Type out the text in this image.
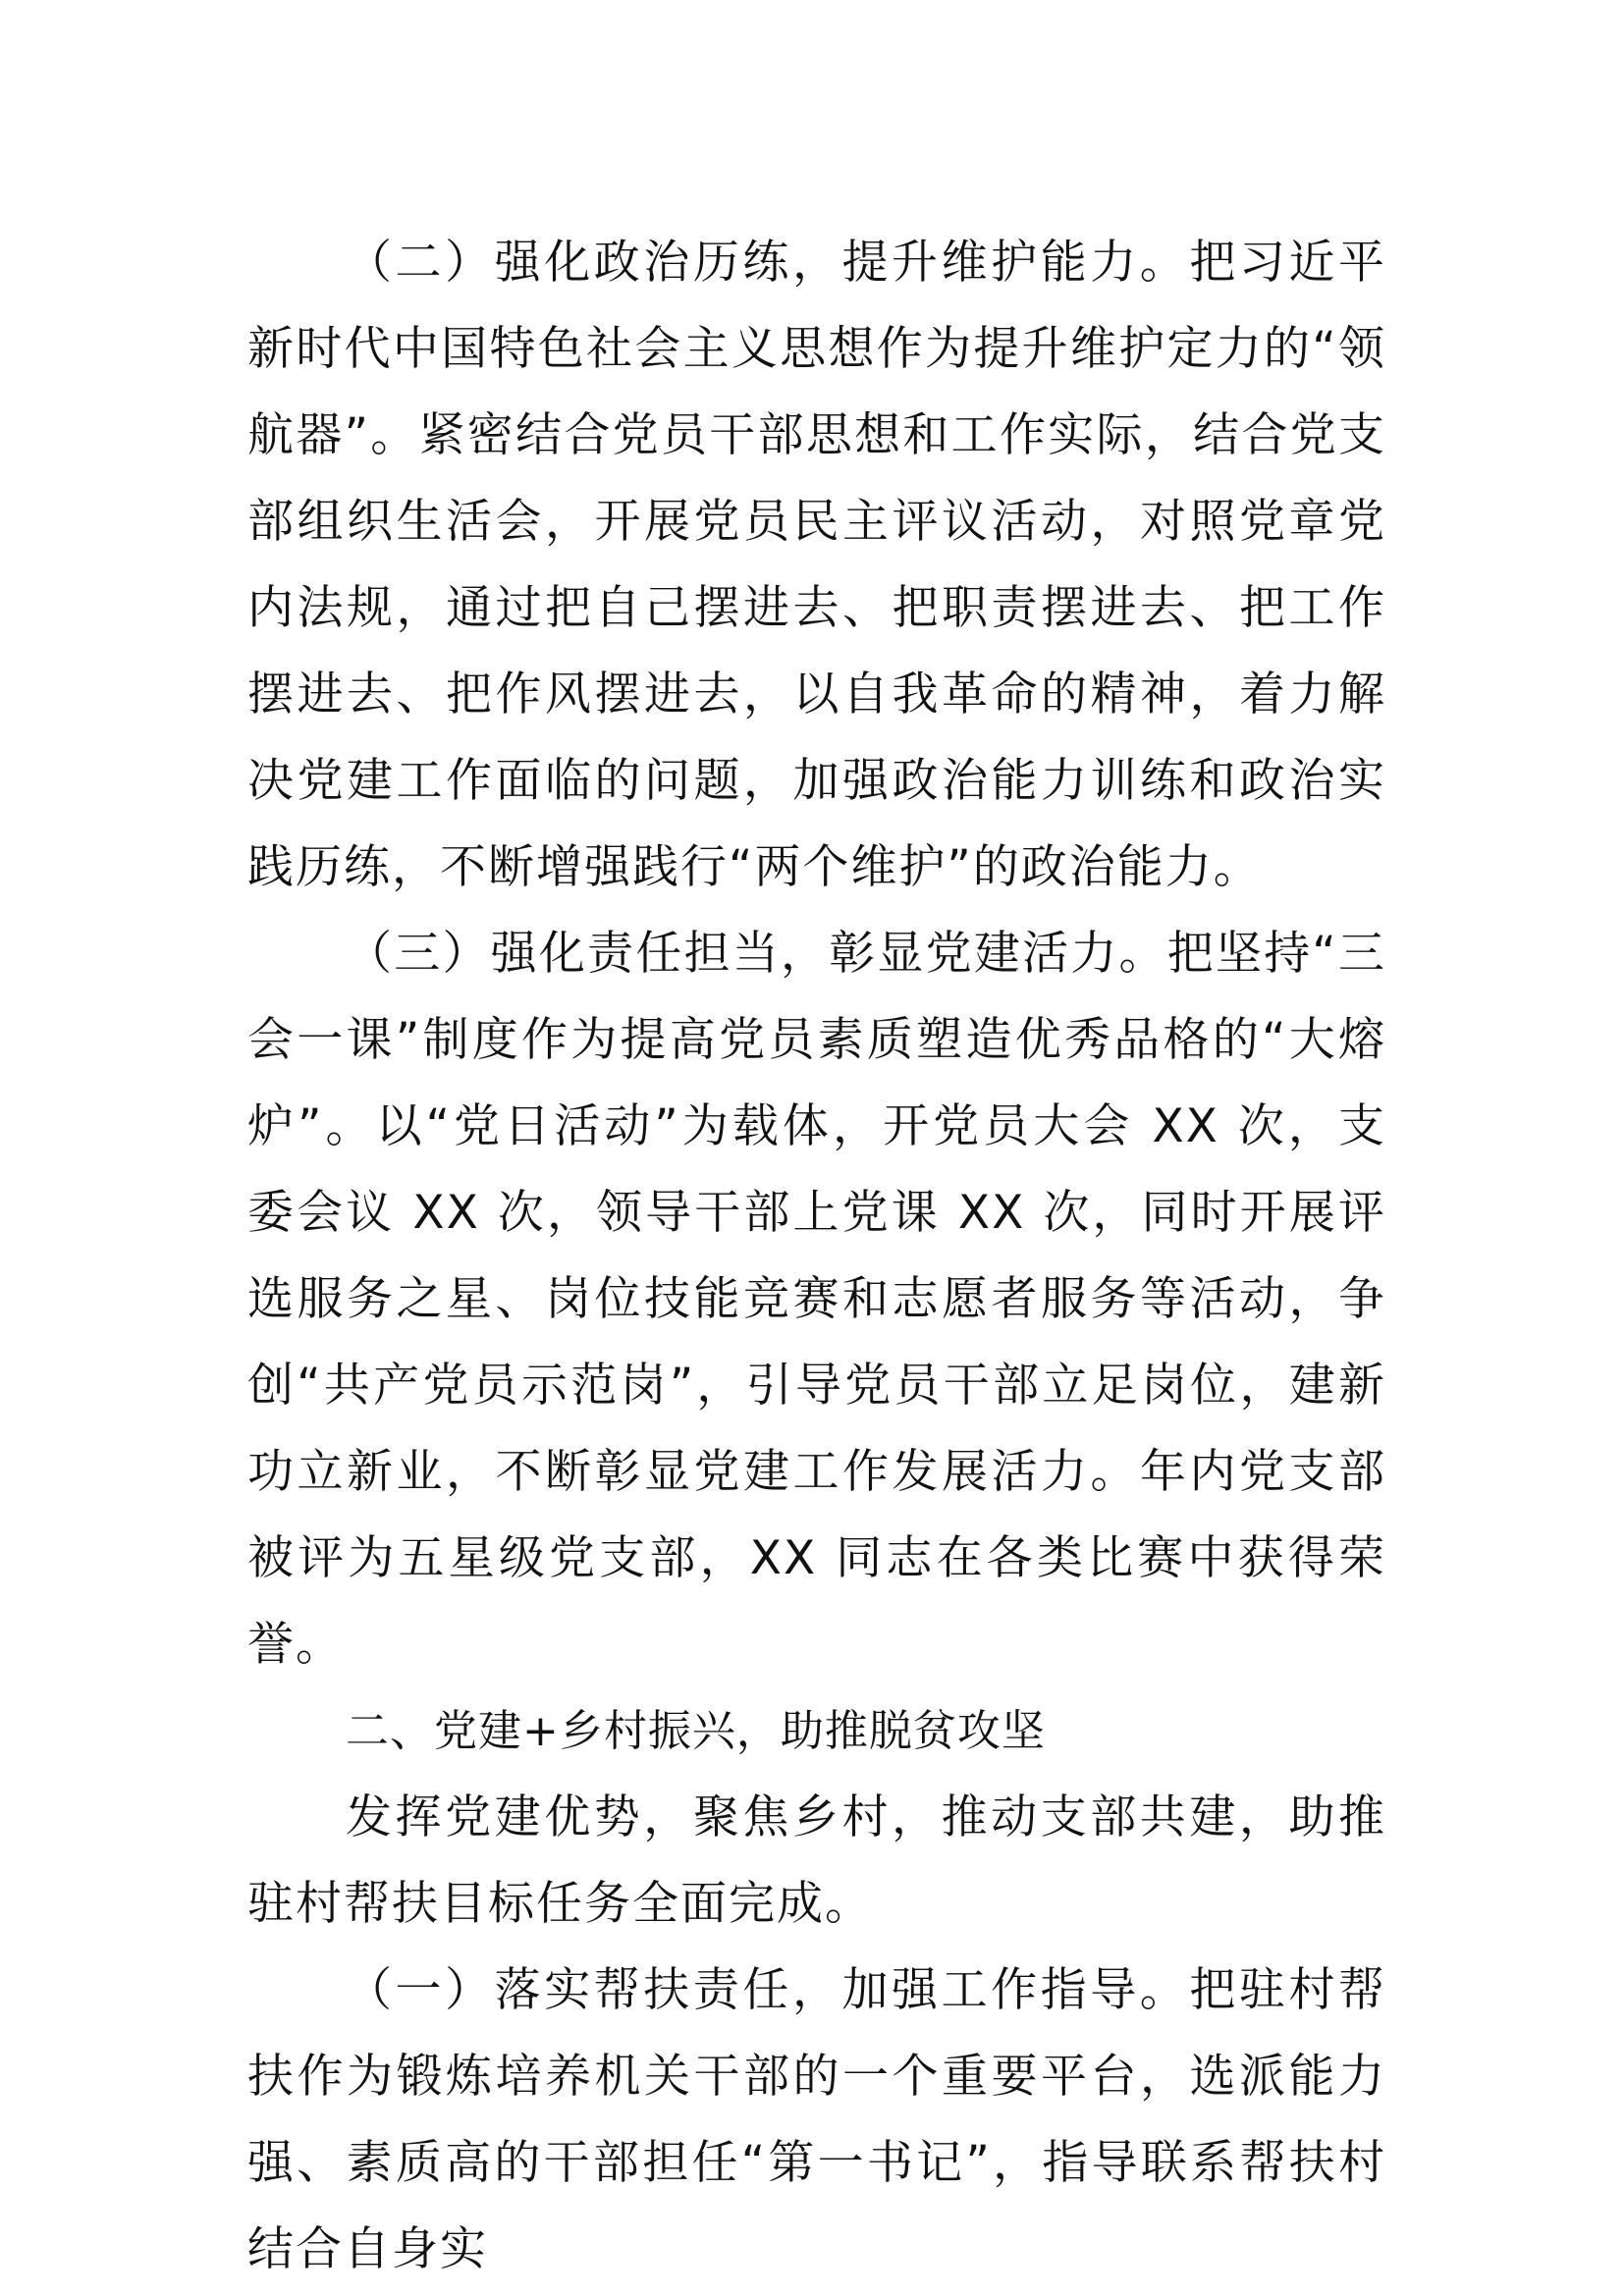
（二）强化政治历练，提升维护能力。把习近平新时代中国特色社会主义思想作为提升维护定力的“领航器”。紧密结合党员干部思想和工作实际，结合党支部组织生活会，开展党员民主评议活动，对照党章党内法规，通过把自己摆进去、把职责摆进去、把工作摆进去、把作风摆进去，以自我革命的精神，着力解决党建工作面临的问题，加强政治能力训练和政治实践历练，不断增强践行“两个维护”的政治能力。

（三）强化责任担当，彰显党建活力。把坚持“三会一课”制度作为提高党员素质塑造优秀品格的“大熔炉”。以“党日活动”为载体，开党员大会 XX 次，支委会议 XX 次，领导干部上党课 XX 次，同时开展评选服务之星、岗位技能竞赛和志愿者服务等活动，争创“共产党员示范岗”，引导党员干部立足岗位，建新功立新业，不断彰显党建工作发展活力。年内党支部被评为五星级党支部，XX 同志在各类比赛中获得荣誉。

二、党建+乡村振兴，助推脱贫攻坚

发挥党建优势，聚焦乡村，推动支部共建，助推驻村帮扶目标任务全面完成。

（一）落实帮扶责任，加强工作指导。把驻村帮扶作为锻炼培养机关干部的一个重要平台，选派能力强、素质高的干部担任“第一书记”，指导联系帮扶村结合自身实
